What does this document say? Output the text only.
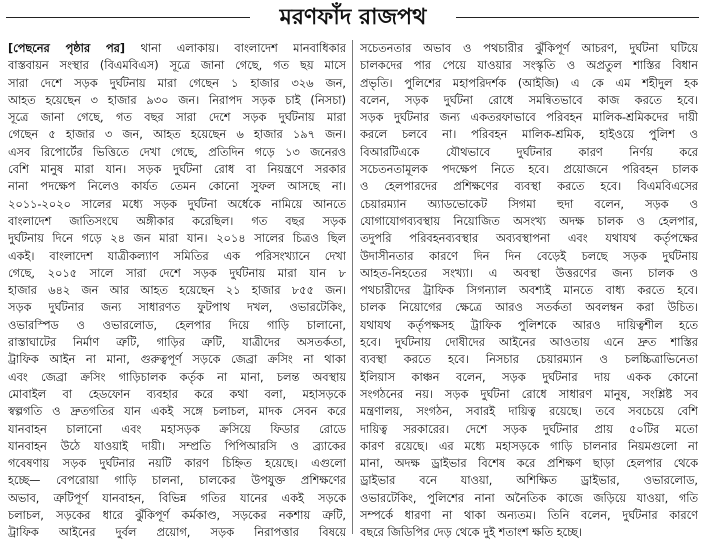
মরণফাঁদ রাজপথ
[পেছনের পৃষ্ঠার পর] থানা এলাকায়। বাংলাদেশ মানবাধিকার
বাস্তবায়ন সংস্থার (বিএমবিএস) সূত্রে জানা গেছে, গত ছয় মাসে
সারা দেশে সড়ক দুর্ঘটনায় মারা গেছেন ১ হাজার ৩২৬ জন,
আহত হয়েছেন ৩ হাজার ৯৩০ জন। নিরাপদ সড়ক চাই (নিসচা)
সূত্রে জানা গেছে, গত বছর সারা দেশে সড়ক দুর্ঘটনায় মারা
গেছেন ৫ হাজার ৩ জন, আহত হয়েছেন ৬ হাজার ১৯৭ জন।
এসব রিপোর্টের ভিত্তিতে দেখা গেছে, প্রতিদিন গড়ে ১৩ জনেরও
বেশি মানুষ মারা যান। সড়ক দুর্ঘটনা রোধ বা নিয়ন্ত্রণে সরকার
নানা পদক্ষেপ নিলেও কার্যত তেমন কোনো সুফল আসছে না।
২০১১-২০২০ সালের মধ্যে সড়ক দুর্ঘটনা অর্ধেকে নামিয়ে আনতে
বাংলাদেশ জাতিসংঘে অঙ্গীকার করেছিল। গত বছর সড়ক
দুর্ঘটনায় দিনে গড়ে ২৪ জন মারা যান। ২০১৪ সালের চিত্রও ছিল
একই। বাংলাদেশ যাত্রীকল্যাণ সমিতির এক পরিসংখ্যানে দেখা
গেছে, ২০১৫ সালে সারা দেশে সড়ক দুর্ঘটনায় মারা যান ৮
হাজার ৬৪২ জন আর আহত হয়েছেন ২১ হাজার ৮৫৫ জন।
সড়ক দুর্ঘটনার জন্য সাধারণত ফুটপাথ দখল, ওভারটেকিং,
ওভারস্পিড ও ওভারলোড, হেলপার দিয়ে গাড়ি চালানো,
রাস্তাঘাটের নির্মাণ ত্রুটি, গাড়ির ত্রুটি, যাত্রীদের অসতর্কতা,
ট্রাফিক আইন না মানা, গুরুত্বপূর্ণ সড়কে জেব্রা ক্রসিং না থাকা
এবং জেব্রা ক্রসিং গাড়িচালক কর্তৃক না মানা, চলন্ত অবস্থায়
মোবাইল বা হেডফোন ব্যবহার করে কথা বলা, মহাসড়কে
স্বল্পগতি ও দ্রুতগতির যান একই সঙ্গে চলাচল, মাদক সেবন করে
যানবাহন চালানো এবং মহাসড়ক ক্রসিয়ে ফিডার রোডে
যানবাহন উঠে যাওয়াই দায়ী। সম্প্রতি পিপিআরসি ও ব্র্যাকের
গবেষণায় সড়ক দুর্ঘটনার নয়টি কারণ চিহ্নিত হয়েছে। এগুলো
হচ্ছে— বেপরোয়া গাড়ি চালনা, চালকের উপযুক্ত প্রশিক্ষণের
অভাব, ত্রুটিপূর্ণ যানবাহন, বিভিন্ন গতির যানের একই সড়কে
চলাচল, সড়কের ধারে ঝুঁকিপূর্ণ কর্মকাণ্ড, সড়কের নকশায় ত্রুটি,
ট্রাফিক আইনের দুর্বল প্রয়োগ, সড়ক নিরাপত্তার বিষয়ে
সচেতনতার অভাব ও পথচারীর ঝুঁকিপূর্ণ আচরণ, দুর্ঘটনা ঘটিয়ে
চালকদের পার পেয়ে যাওয়ার সংস্কৃতি ও অপ্রতুল শাস্তির বিধান
প্রভৃতি। পুলিশের মহাপরিদর্শক (আইজি) এ কে এম শহীদুল হক
বলেন, সড়ক দুর্ঘটনা রোধে সমন্বিতভাবে কাজ করতে হবে।
সড়ক দুর্ঘটনার জন্য একতরফাভাবে পরিবহন মালিক-শ্রমিকদের দায়ী
করলে চলবে না। পরিবহন মালিক-শ্রমিক, হাইওয়ে পুলিশ ও
বিআরটিএকে যৌথভাবে দুর্ঘটনার কারণ নির্ণয় করে
সচেতনতামূলক পদক্ষেপ নিতে হবে। প্রয়োজনে পরিবহন চালক
ও হেলপারদের প্রশিক্ষণের ব্যবস্থা করতে হবে। বিএমবিএসের
চেয়ারম্যান অ্যাডভোকেট সিগমা হুদা বলেন, সড়ক ও
যোগাযোগব্যবস্থায় নিয়োজিত অসংখ্য অদক্ষ চালক ও হেলপার,
তদুপরি পরিবহনব্যবস্থার অব্যবস্থাপনা এবং যথাযথ কর্তৃপক্ষের
উদাসীনতার কারণে দিন দিন বেড়েই চলছে সড়ক দুর্ঘটনায়
আহত-নিহতের সংখ্যা। এ অবস্থা উত্তরণের জন্য চালক ও
পথচারীদের ট্রাফিক সিগন্যাল অবশ্যই মানতে বাধ্য করতে হবে।
চালক নিয়োগের ক্ষেত্রে আরও সতর্কতা অবলম্বন করা উচিত।
যথাযথ কর্তৃপক্ষসহ ট্রাফিক পুলিশকে আরও দায়িত্বশীল হতে
হবে। দুর্ঘটনায় দোষীদের আইনের আওতায় এনে দ্রুত শাস্তির
ব্যবস্থা করতে হবে। নিসচার চেয়ারম্যান ও চলচ্চিত্রাভিনেতা
ইলিয়াস কাঞ্চন বলেন, সড়ক দুর্ঘটনার দায় একক কোনো
সংগঠনের নয়। সড়ক দুর্ঘটনা রোধে সাধারণ মানুষ, সংশ্লিষ্ট সব
মন্ত্রণালয়, সংগঠন, সবারই দায়িত্ব রয়েছে। তবে সবচেয়ে বেশি
দায়িত্ব সরকারের। দেশে সড়ক দুর্ঘটনার প্রায় ৫০টির মতো
কারণ রয়েছে। এর মধ্যে মহাসড়কে গাড়ি চালনার নিয়মগুলো না
মানা, অদক্ষ ড্রাইভার বিশেষ করে প্রশিক্ষণ ছাড়া হেলপার থেকে
ড্রাইভার বনে যাওয়া, অশিক্ষিত ড্রাইভার, ওভারলোড,
ওভারটেকিং, পুলিশের নানা অনৈতিক কাজে জড়িয়ে যাওয়া, গতি
সম্পর্কে ধারণা না থাকা অন্যতম। তিনি বলেন, দুর্ঘটনার কারণে
বছরে জিডিপির দেড় থেকে দুই শতাংশ ক্ষতি হচ্ছে।
